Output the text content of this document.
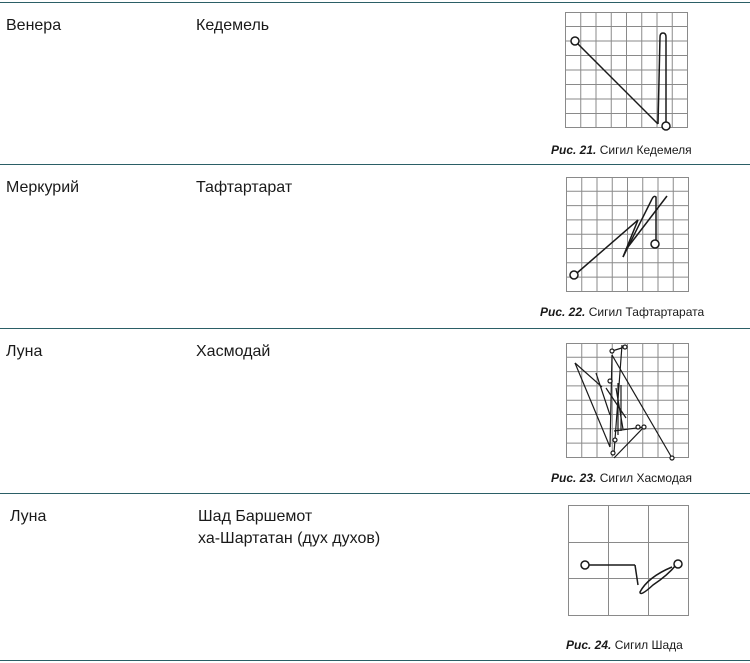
Венера	Кедемель
Рис. 21. Сигил Кедемеля
Меркурий	Тафтартарат
Рис. 22. Сигил Тафтартарата
Луна	Хасмодай
Рис. 23. Сигил Хасмодая
Луна	Шад Баршемот
ха-Шартатан (дух духов)
Рис. 24. Сигил Шада
